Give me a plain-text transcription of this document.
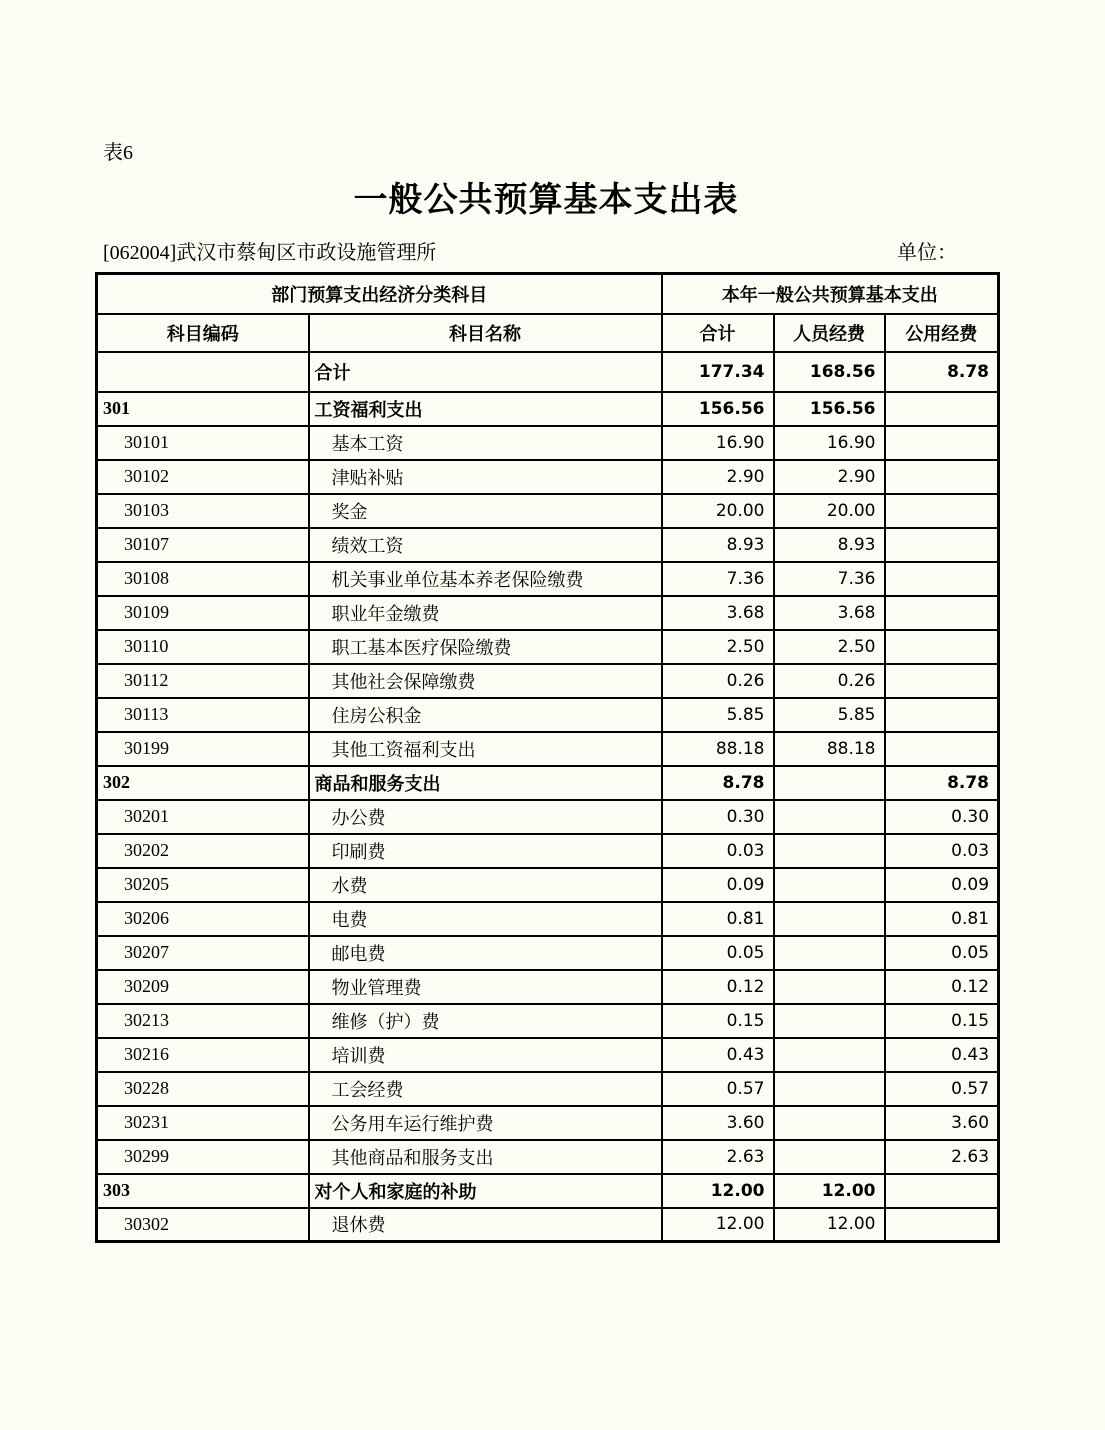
表6
一般公共预算基本支出表
[062004]武汉市蔡甸区市政设施管理所	单位：
部门预算支出经济分类科目		本年一般公共预算基本支出		
科目编码	科目名称	合计	人员经费	公用经费
	合计	177.34	168.56	8.78
301	工资福利支出	156.56	156.56	
30101	基本工资	16.90	16.90	
30102	津贴补贴	2.90	2.90	
30103	奖金	20.00	20.00	
30107	绩效工资	8.93	8.93	
30108	机关事业单位基本养老保险缴费	7.36	7.36	
30109	职业年金缴费	3.68	3.68	
30110	职工基本医疗保险缴费	2.50	2.50	
30112	其他社会保障缴费	0.26	0.26	
30113	住房公积金	5.85	5.85	
30199	其他工资福利支出	88.18	88.18	
302	商品和服务支出	8.78		8.78
30201	办公费	0.30		0.30
30202	印刷费	0.03		0.03
30205	水费	0.09		0.09
30206	电费	0.81		0.81
30207	邮电费	0.05		0.05
30209	物业管理费	0.12		0.12
30213	维修（护）费	0.15		0.15
30216	培训费	0.43		0.43
30228	工会经费	0.57		0.57
30231	公务用车运行维护费	3.60		3.60
30299	其他商品和服务支出	2.63		2.63
303	对个人和家庭的补助	12.00	12.00	
30302	退休费	12.00	12.00	
